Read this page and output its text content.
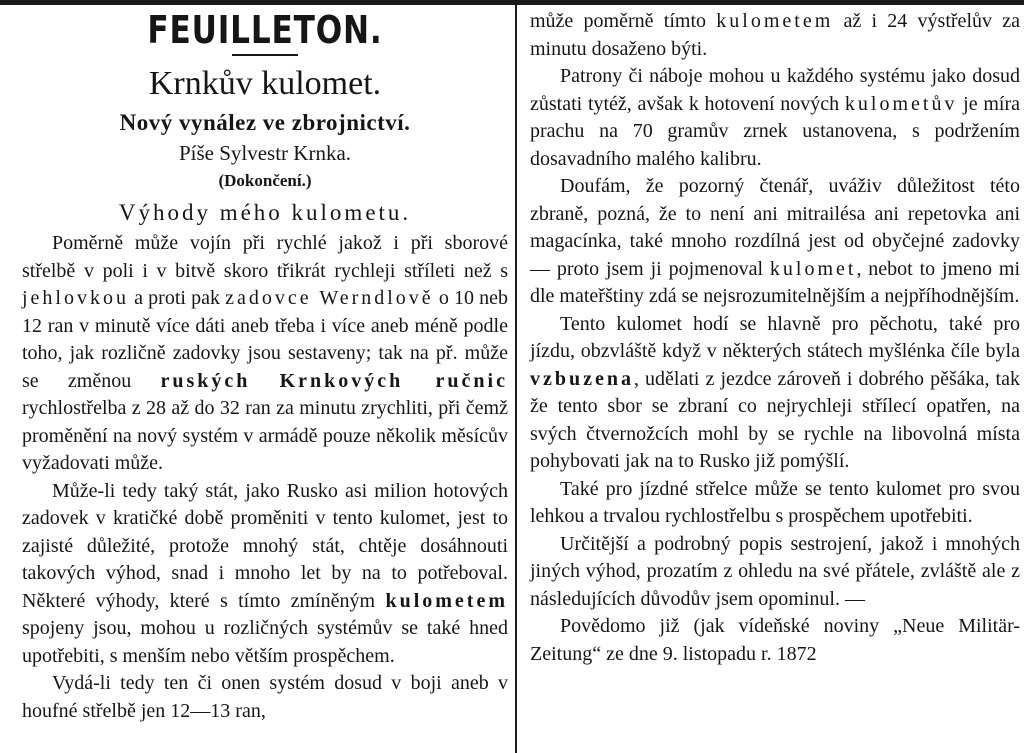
FEUILLETON.
Krnkův kulomet.
Nový vynález ve zbrojnictví.
Píše Sylvestr Krnka.
(Dokončení.)
Výhody mého kulometu.

Poměrně může vojín při rychlé jakož i při sborové střelbě v poli i v bitvě skoro třikrát rychleji stříleti než s jehlovkou a proti pak zadovce Werndlově o 10 neb 12 ran v minutě více dáti aneb třeba i více aneb méně podle toho, jak rozličně zadovky jsou sestaveny; tak na př. může se změnou ruských Krnkových ručnic rychlostřelba z 28 až do 32 ran za minutu zrychliti, při čemž proměnění na nový systém v armádě pouze několik měsícův vyžadovati může.

Může-li tedy taký stát, jako Rusko asi milion hotových zadovek v kratičké době proměniti v tento kulomet, jest to zajisté důležité, protože mnohý stát, chtěje dosáhnouti takových výhod, snad i mnoho let by na to potřeboval. Některé výhody, které s tímto zmíněným kulometem spojeny jsou, mohou u rozličných systémův se také hned upotřebiti, s menším nebo větším prospěchem.

Vydá-li tedy ten či onen systém dosud v boji aneb v houfné střelbě jen 12—13 ran,

může poměrně tímto kulometem až i 24 výstřelův za minutu dosaženo býti.

Patrony či náboje mohou u každého systému jako dosud zůstati tytéž, avšak k hotovení nových kulometův je míra prachu na 70 gramův zrnek ustanovena, s podržením dosavadního malého kalibru.

Doufám, že pozorný čtenář, uváživ důležitost této zbraně, pozná, že to není ani mitrailésa ani repetovka ani magacínka, také mnoho rozdílná jest od obyčejné zadovky — proto jsem ji pojmenoval kulomet, nebot to jmeno mi dle mateřštiny zdá se nejsrozumitelnějším a nejpříhodnějším.

Tento kulomet hodí se hlavně pro pěchotu, také pro jízdu, obzvláště když v některých státech myšlénka číle byla vzbuzena, udělati z jezdce zároveň i dobrého pěšáka, tak že tento sbor se zbraní co nejrychleji střílecí opatřen, na svých čtvernožcích mohl by se rychle na libovolná místa pohybovati jak na to Rusko již pomýšlí.

Také pro jízdné střelce může se tento kulomet pro svou lehkou a trvalou rychlostřelbu s prospěchem upotřebiti.

Určitější a podrobný popis sestrojení, jakož i mnohých jiných výhod, prozatím z ohledu na své přátele, zvláště ale z následujících důvodův jsem opominul. —

Povědomo již (jak vídeňské noviny „Neue Militär-Zeitung“ ze dne 9. listopadu r. 1872
